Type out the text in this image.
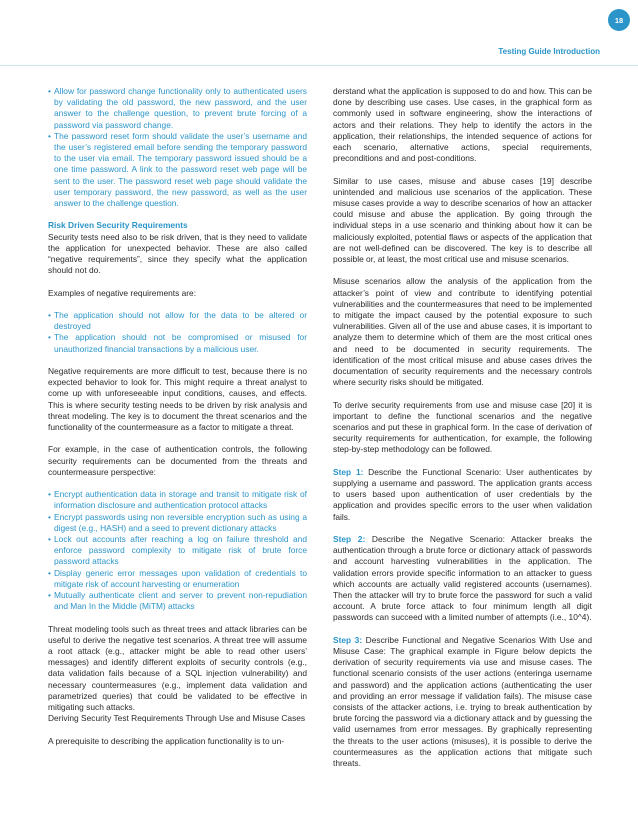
18
Testing Guide Introduction
• Allow for password change functionality only to authenticated users by validating the old password, the new password, and the user answer to the challenge question, to prevent brute forcing of a password via password change.
• The password reset form should validate the user’s username and the user’s registered email before sending the temporary password to the user via email. The temporary password issued should be a one time password. A link to the password reset web page will be sent to the user. The password reset web page should validate the user temporary password, the new password, as well as the user answer to the challenge question.
Risk Driven Security Requirements

Security tests need also to be risk driven, that is they need to validate the application for unexpected behavior. These are also called “negative requirements”, since they specify what the application should not do.

Examples of negative requirements are:

• The application should not allow for the data to be altered or destroyed
• The application should not be compromised or misused for unauthorized financial transactions by a malicious user.

Negative requirements are more difficult to test, because there is no expected behavior to look for. This might require a threat analyst to come up with unforeseeable input conditions, causes, and effects. This is where security testing needs to be driven by risk analysis and threat modeling. The key is to document the threat scenarios and the functionality of the countermeasure as a factor to mitigate a threat.

For example, in the case of authentication controls, the following security requirements can be documented from the threats and countermeasure perspective:

• Encrypt authentication data in storage and transit to mitigate risk of information disclosure and authentication protocol attacks
• Encrypt passwords using non reversible encryption such as using a digest (e.g., HASH) and a seed to prevent dictionary attacks
• Lock out accounts after reaching a log on failure threshold and enforce password complexity to mitigate risk of brute force password attacks
• Display generic error messages upon validation of credentials to mitigate risk of account harvesting or enumeration
• Mutually authenticate client and server to prevent non-repudiation and Man In the Middle (MiTM) attacks

Threat modeling tools such as threat trees and attack libraries can be useful to derive the negative test scenarios. A threat tree will assume a root attack (e.g., attacker might be able to read other users’ messages) and identify different exploits of security controls (e.g., data validation fails because of a SQL injection vulnerability) and necessary countermeasures (e.g., implement data validation and parametrized queries) that could be validated to be effective in mitigating such attacks.

Deriving Security Test Requirements Through Use and Misuse Cases

A prerequisite to describing the application functionality is to un-

derstand what the application is supposed to do and how. This can be done by describing use cases. Use cases, in the graphical form as commonly used in software engineering, show the interactions of actors and their relations. They help to identify the actors in the application, their relationships, the intended sequence of actions for each scenario, alternative actions, special requirements, preconditions and and post-conditions.

Similar to use cases, misuse and abuse cases [19] describe unintended and malicious use scenarios of the application. These misuse cases provide a way to describe scenarios of how an attacker could misuse and abuse the application. By going through the individual steps in a use scenario and thinking about how it can be maliciously exploited, potential flaws or aspects of the application that are not well-defined can be discovered. The key is to describe all possible or, at least, the most critical use and misuse scenarios.

Misuse scenarios allow the analysis of the application from the attacker’s point of view and contribute to identifying potential vulnerabilities and the countermeasures that need to be implemented to mitigate the impact caused by the potential exposure to such vulnerabilities. Given all of the use and abuse cases, it is important to analyze them to determine which of them are the most critical ones and need to be documented in security requirements. The identification of the most critical misuse and abuse cases drives the documentation of security requirements and the necessary controls where security risks should be mitigated.

To derive security requirements from use and misuse case [20] it is important to define the functional scenarios and the negative scenarios and put these in graphical form. In the case of derivation of security requirements for authentication, for example, the following step-by-step methodology can be followed.

Step 1: Describe the Functional Scenario: User authenticates by supplying a username and password. The application grants access to users based upon authentication of user credentials by the application and provides specific errors to the user when validation fails.

Step 2: Describe the Negative Scenario: Attacker breaks the authentication through a brute force or dictionary attack of passwords and account harvesting vulnerabilities in the application. The validation errors provide specific information to an attacker to guess which accounts are actually valid registered accounts (usernames). Then the attacker will try to brute force the password for such a valid account. A brute force attack to four minimum length all digit passwords can succeed with a limited number of attempts (i.e., 10^4).

Step 3: Describe Functional and Negative Scenarios With Use and Misuse Case: The graphical example in Figure below depicts the derivation of security requirements via use and misuse cases. The functional scenario consists of the user actions (enteringa username and password) and the application actions (authenticating the user and providing an error message if validation fails). The misuse case consists of the attacker actions, i.e. trying to break authentication by brute forcing the password via a dictionary attack and by guessing the valid usernames from error messages. By graphically representing the threats to the user actions (misuses), it is possible to derive the countermeasures as the application actions that mitigate such threats.
